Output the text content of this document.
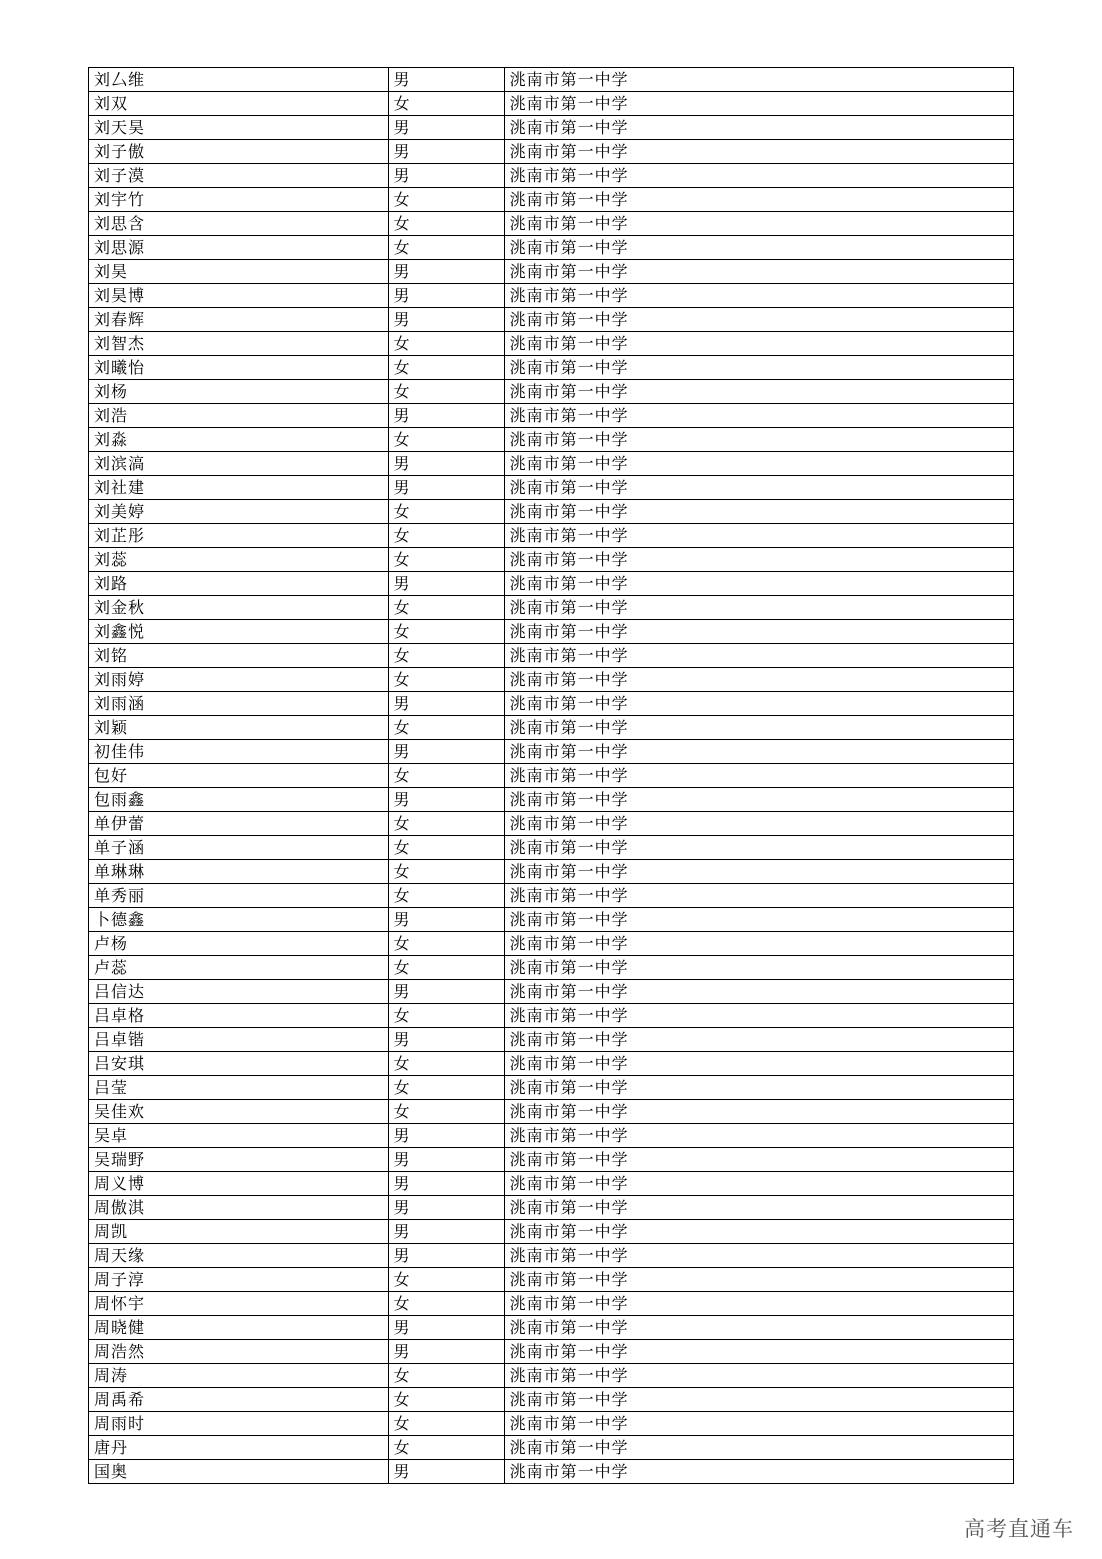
刘厶维	男	洮南市第一中学
刘双	女	洮南市第一中学
刘天昊	男	洮南市第一中学
刘子傲	男	洮南市第一中学
刘子漠	男	洮南市第一中学
刘宇竹	女	洮南市第一中学
刘思含	女	洮南市第一中学
刘思源	女	洮南市第一中学
刘昊	男	洮南市第一中学
刘昊博	男	洮南市第一中学
刘春辉	男	洮南市第一中学
刘智杰	女	洮南市第一中学
刘曦怡	女	洮南市第一中学
刘杨	女	洮南市第一中学
刘浩	男	洮南市第一中学
刘淼	女	洮南市第一中学
刘滨滈	男	洮南市第一中学
刘社建	男	洮南市第一中学
刘美婷	女	洮南市第一中学
刘芷彤	女	洮南市第一中学
刘蕊	女	洮南市第一中学
刘路	男	洮南市第一中学
刘金秋	女	洮南市第一中学
刘鑫悦	女	洮南市第一中学
刘铭	女	洮南市第一中学
刘雨婷	女	洮南市第一中学
刘雨涵	男	洮南市第一中学
刘颖	女	洮南市第一中学
初佳伟	男	洮南市第一中学
包好	女	洮南市第一中学
包雨鑫	男	洮南市第一中学
单伊蕾	女	洮南市第一中学
单子涵	女	洮南市第一中学
单琳琳	女	洮南市第一中学
单秀丽	女	洮南市第一中学
卜德鑫	男	洮南市第一中学
卢杨	女	洮南市第一中学
卢蕊	女	洮南市第一中学
吕信达	男	洮南市第一中学
吕卓格	女	洮南市第一中学
吕卓锴	男	洮南市第一中学
吕安琪	女	洮南市第一中学
吕莹	女	洮南市第一中学
吴佳欢	女	洮南市第一中学
吴卓	男	洮南市第一中学
吴瑞野	男	洮南市第一中学
周义博	男	洮南市第一中学
周傲淇	男	洮南市第一中学
周凯	男	洮南市第一中学
周天缘	男	洮南市第一中学
周子淳	女	洮南市第一中学
周怀宇	女	洮南市第一中学
周晓健	男	洮南市第一中学
周浩然	男	洮南市第一中学
周涛	女	洮南市第一中学
周禹希	女	洮南市第一中学
周雨时	女	洮南市第一中学
唐丹	女	洮南市第一中学
国奥	男	洮南市第一中学
高考直通车
